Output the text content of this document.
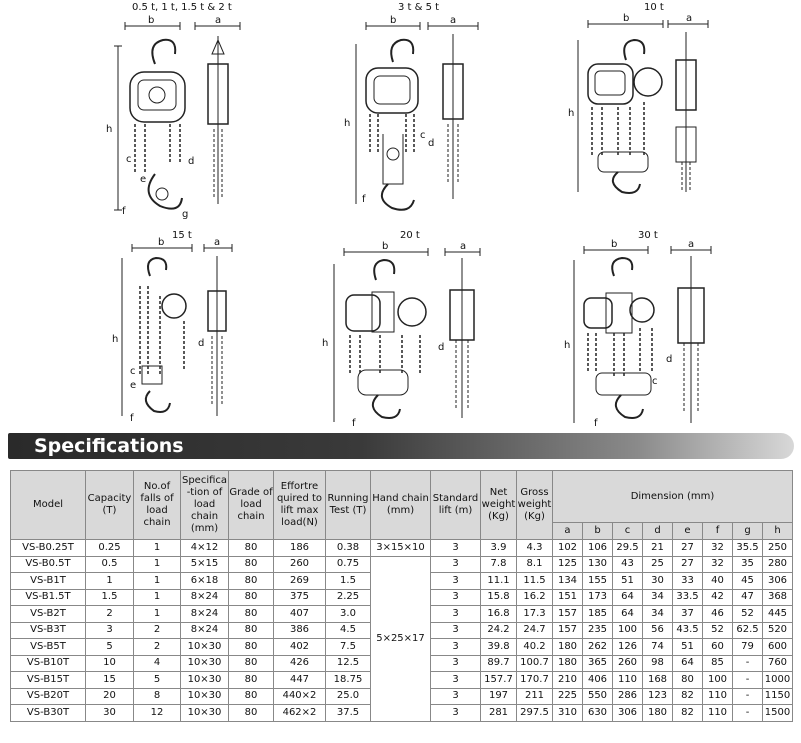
0.5 t, 1 t, 1.5 t & 2 t
b	a
h
c
e
f	g
d
3 t & 5 t
b	a
h
c
f
d
10 t
b	a
h
15 t
b	a
h
c
e
f
d
20 t
b	a
h
f
d
30 t
b	a
h
c
f
d
Specifications
Model	Capacity (T)	No.of falls of load chain	Specifica -tion of load chain (mm)	Grade of load chain	Effortre quired to lift max load(N)	Running Test (T)	Hand chain (mm)	Standard lift (m)	Net weight (Kg)	Gross weight (Kg)	Dimension (mm)							
											a	b	c	d	e	f	g	h
VS-B0.25T	0.25	1	4×12	80	186	0.38	3×15×10	3	3.9	4.3	102	106	29.5	21	27	32	35.5	250
VS-B0.5T	0.5	1	5×15	80	260	0.75	5×25×17	3	7.8	8.1	125	130	43	25	27	32	35	280
VS-B1T	1	1	6×18	80	269	1.5		3	11.1	11.5	134	155	51	30	33	40	45	306
VS-B1.5T	1.5	1	8×24	80	375	2.25		3	15.8	16.2	151	173	64	34	33.5	42	47	368
VS-B2T	2	1	8×24	80	407	3.0		3	16.8	17.3	157	185	64	34	37	46	52	445
VS-B3T	3	2	8×24	80	386	4.5		3	24.2	24.7	157	235	100	56	43.5	52	62.5	520
VS-B5T	5	2	10×30	80	402	7.5		3	39.8	40.2	180	262	126	74	51	60	79	600
VS-B10T	10	4	10×30	80	426	12.5		3	89.7	100.7	180	365	260	98	64	85	-	760
VS-B15T	15	5	10×30	80	447	18.75		3	157.7	170.7	210	406	110	168	80	100	-	1000
VS-B20T	20	8	10×30	80	440×2	25.0		3	197	211	225	550	286	123	82	110	-	1150
VS-B30T	30	12	10×30	80	462×2	37.5		3	281	297.5	310	630	306	180	82	110	-	1500
